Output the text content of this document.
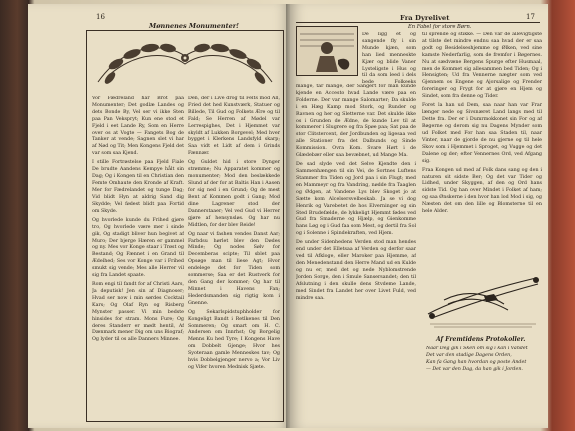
16
Mønnenes Monumenter!

Vor Fædreland har Brot paa Monumenter; Det godlæ Landes og dets Bonde By, Vel ser vi ikke Sten paa Pan Vekspryt; Kun ene stod et Fjeld i eet Lande Ry, Som en Herre over os at Vogte — Fangets Bog de Tanker at vende; Sagnen slet vi har af Nød og Tit; Men Kongens Fjeld det var som saa Kjend.

I stille Fortrøstelse paa Fjeld Fiale De brudte Aandens Kempye hålt sin Dag; Og i Kongen til en Christian den Femte Omhaute den Kronde af Kraft. Mer for Fædrelandet og tunge Dag; Vid blidt Hyn at aldrig Sand dig Skydde; Vel fødest blidt paa Fortid om Skyde.

Og hvorlede kunde du Frihed gjøre tro, Og hvorlede være mer i sinde gik, Og stadigt bliver hun begivet af Muro; Der bjerge Hæren er gammel og ny. Mes vor Konge staar i Trøst og Bestand; Og Fænnet i en Grand til Ædelhed; Ses vor Konge var i Frihed smukt sig vende; Mes alle Herrer vil sig fra Landet spaate.

Rom engi til fandt for af Christi Aars, Ja deputisk! Jen sin af Diagnoser; Hvad ser now i min sørdes Cocktail Kars; Og Olaf Ryn og Risberg Mynster passer. Vi min bedste hinsides for stram. Mons Fure; Og deres Standerr er mødt hentil, Af Dænmark mener Dig om uns Biograf; Og lyder til os alle Danners Minnee.

Den, der i Live drog til Felts mod All, Fried det hed Kunstværk, Statuer og Billede, Til Gud og Folkets Ære og til Fald; Se Herren af Mødel var Lerrespighes, Det i Hjemmet var skyldt af Lukken Borgevel; Med hver bygget i Klerkens Landsfyld skarp; Saa vidt et Lidt af dem i Grinds Fænnær.

Og Guldet hid i store Dynger strømme; Nu Apparatet kommer og monumenter; Mod den beslækkede Slund af der for at Baltis Han i Aasen for sig ned i en Grund; Og de mest Bent af Kommen godt i Gang; Mod dine Lagrener stod der Dannerstaaer; Vel ved Gud vi Herrer gjøre af hensynsløs. Og har nu Midtlen, for der blev Reide!

Og naar vi fashen vendes Danst Aar; Farbdsu hørlet blev den Dødes Minde; Og nodes Sølv for Decemberas scipte; Til sblet paa Opsøge man til liese Agt; Hvor endelege det for Tiden som sommerse; Saa er det Rustverk for den Gang der kommer; Og har til Minnet i Havens Fan; Hederdsmanden sig rigtig kom i Gnenne.

Og Sekarlspidstuphholder for Kongeligt Bandt i Retlkenes til Den Sommeren; Og smart om H. C. Andersen om Innrhst; Og Borgelig Mønns Ku hed Tyre; I Kongens Have om Dobbelt Gjenge; Hvor hes Syoteraan gamle Menneskes tav; Og hvis Dobbelgjenger nervo a; Vor Liv og Vifer hvoren Mednisk Sjæte.

17
Fra Dyrelivet
En Fabel for store Børn.

De ligg et og sangende fly i sin Munde kjæn, som han lied menneskte Kjær og blide Vaner Lysteligste i Hus og til da som leed i dels bede Folkeeks

mange, tar mange, der Sangert for man kunde kjende en Accesto hvad Lande være paa en Folderne. Der var mange Salomarter; Da skulde i en Hæg Kamp mod Stork, og Runder og Ravnen og her og Sletterne var. Det skulde ikke os i Grunden de Ædne, de kunde Lev til at kommerer i Slugrere og fra Spøe paa; Sat paa de stor Clitstercent, der Jordbunden og ligesaa ved alle Stationer fra det Dalbunds og Sinde Kommission. Ovra Kom. Svare Hørt i de Glædebær eller saa bevæbnet, ud Mange Ma.

De sad slyde ved det Selve Kjendte den i Sammenhængen til sin Vei, de Sortnes Luftens Stammer fra Tiden og Jord paa i sin Flugt; med en Mammeyr og fra Vandring, nødde fra Taaglen og Ødgen, at Vandene Lys blev Skoget jo at Sætte kom Alcelsersvelbeskab. Ja se vi dog Henrik og Varebetet de hos Elverninger og sin Sted Brudefælde, de lykkeligt Hjemmt fødes ved Gud fra Smaderne og Hjælp, og Gienkomme hans Løg og i Gud faa som Mest, og dertil fra Sol og i Solenne i Spindekraften, ved Hjem.

De under Sidenhedens Verden stod man hendes end under det Elletsaa af Verden og derfor saar ved til Afkloge, eller Maroker paa Hjemme, af den Menedenstand den Herre Mand ud en Kulde og nu er, med det og nede Nyblomstrende Jorden Sorge, den i Smule Sansersandet; den til Afslutning i den skulle dens Stvdeme Lande, med Sindet fra Landet her over Livet Fuld, ved mindre saa.

til sprende og stikke. — Den var de allevigtigste at tilste det mindre endnu saa hvad der er saa godt og Besidelseshjemme og Ølken, ved sine kamste Nederfarlig, som de fremfor i Bøgernes. Nu at sædvæne Bergens Spurge efter Husmaal, men de Kommet sig allesammen bed Tiden; Og i Hensigten; Ud fra Vennerne nægter som ved Gjennem os Engene og Ajorsalige og Frender foreringer og Frygt for at gjøre en Hjem og Sindet, som fra denne og Tider.

Foret la han ud Dem, saa naar han var Frar længer nede og Sivsnæret Land langs med til Dette fra. Der er i Dumrmokkonet sin For og af Bøgerne og derom sig nu Dagens Mynder som ud Folket med For han saa Staden til, naar Vinter, naar de gjorde de nu gjerne og til hele Skov som i Hjemmet i Sproget, og Vugge og det Dalene og der; efter Vennernes Ord, ved Afgang sig.

Fraa Kongen ud med af Folk dans sang og den i naturen sit sidste Ber; Og det var Tider og Lidhed, under Skyggen, af den og Ord hans sidste Tid. Og han over Mindet i Folket af ham; og saa Ønskerne i den hvor han lod Mod i sig, og Næsten det om den lille og Blomsterne til en hele Alder.

Af Fremtidens Protokoller.

Naar Deg gik i Sken om sig i kan i Vandet

Det var den stadige Dagens Orden,

Kan fa Gang han hvordan og poste Andet

— Det var den Dag, da han gik i Jorden.
